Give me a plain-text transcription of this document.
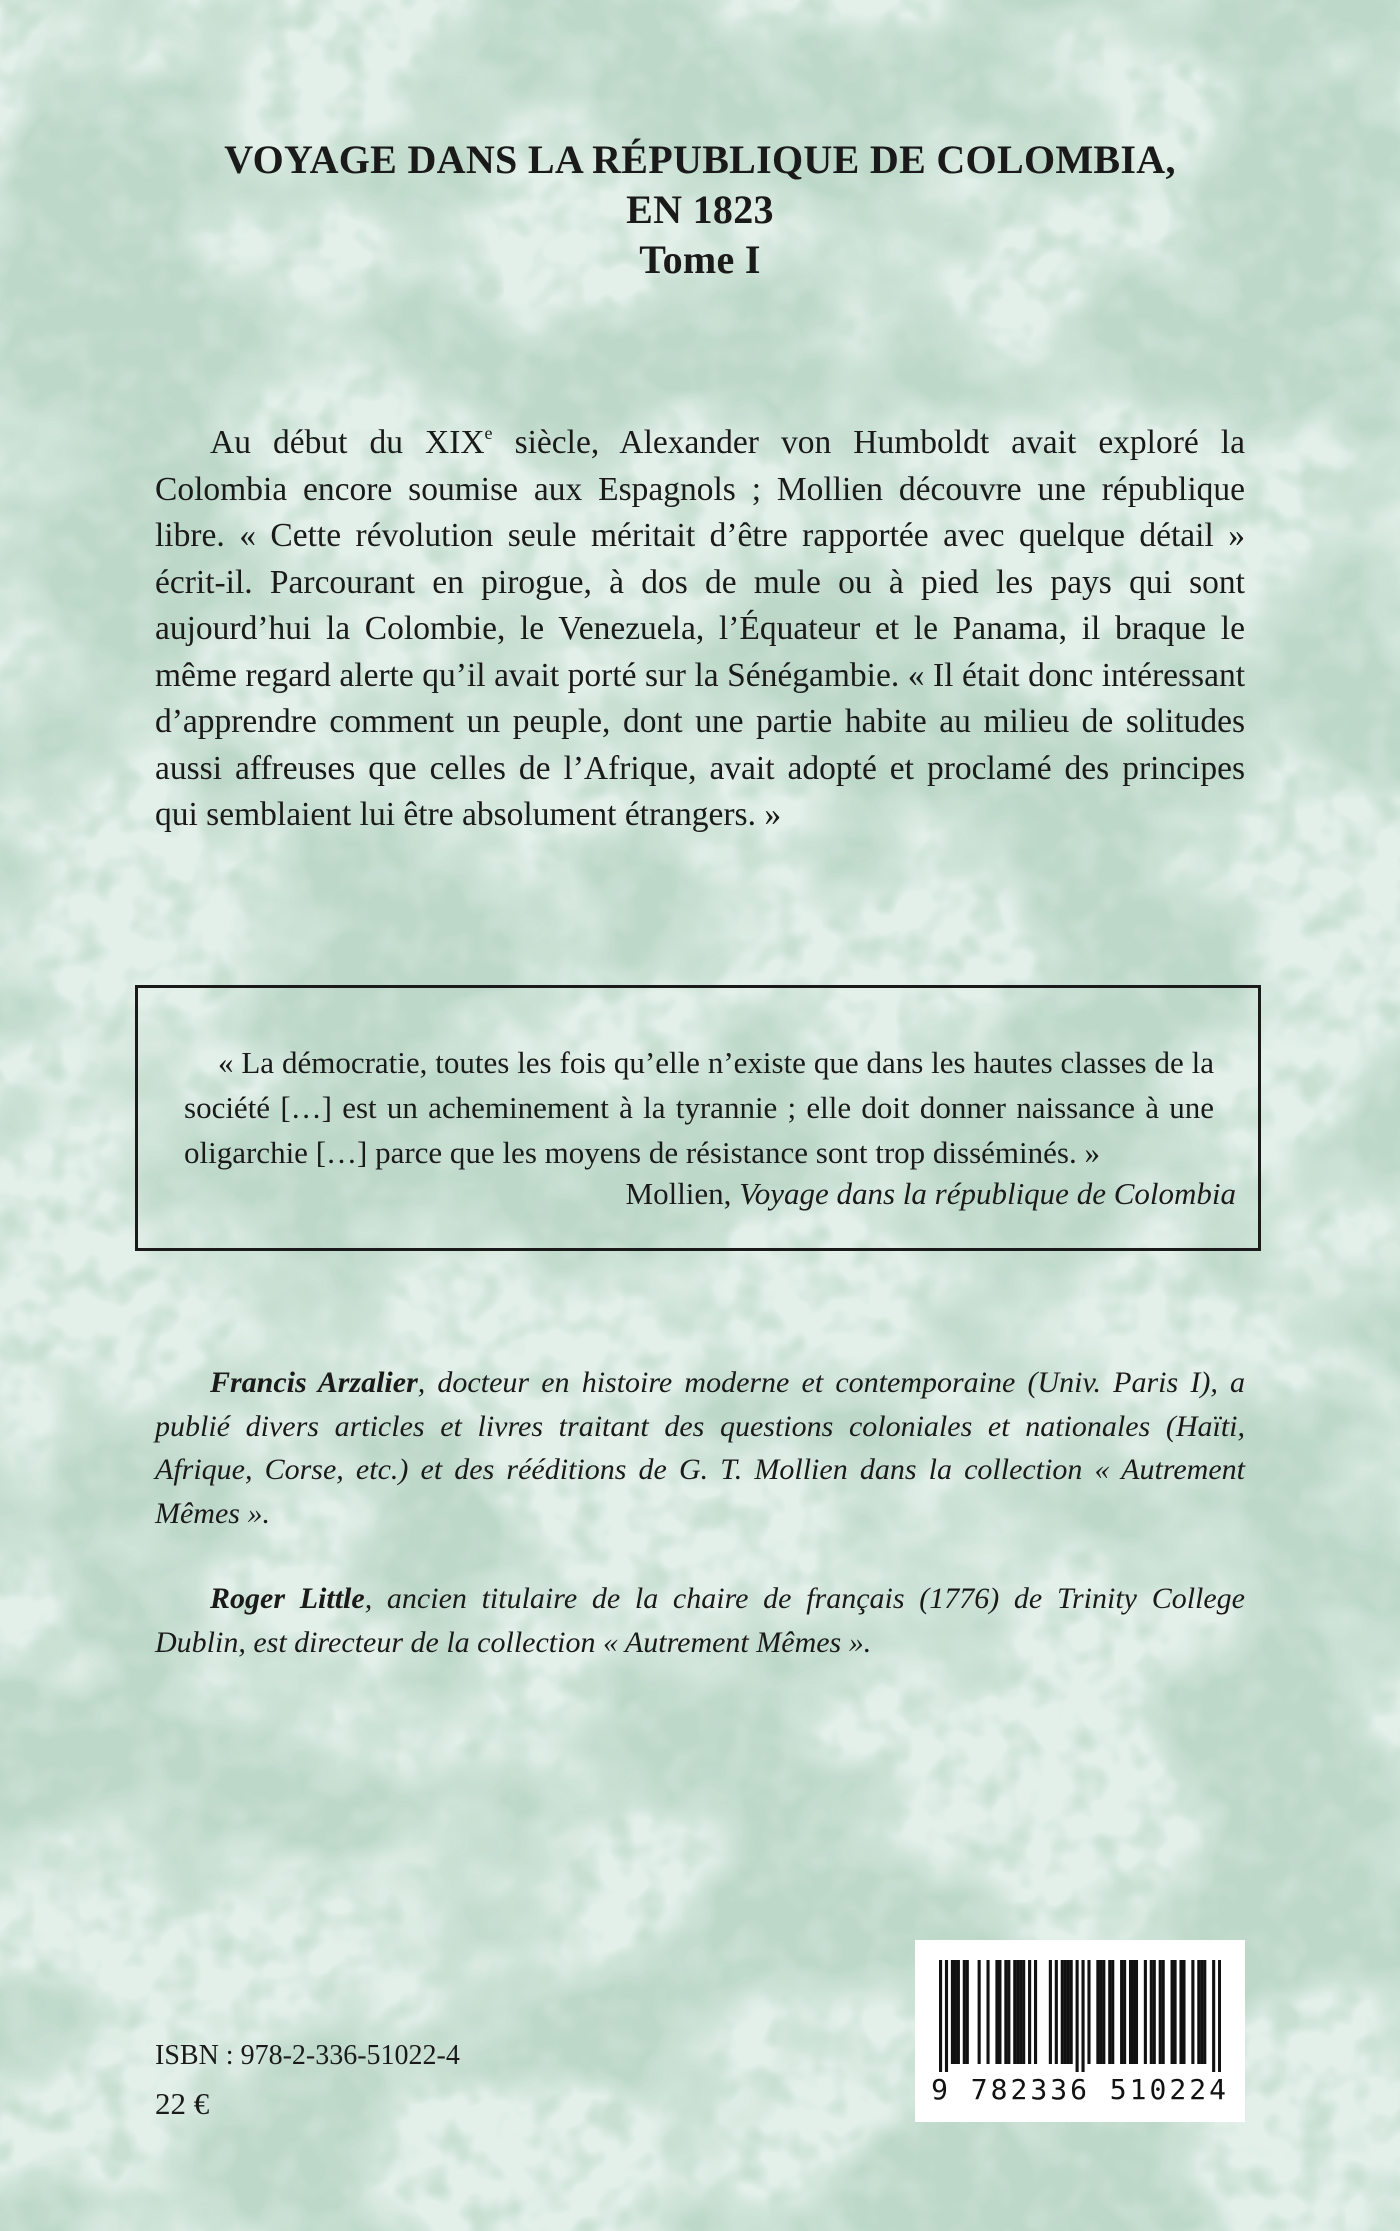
VOYAGE DANS LA RÉPUBLIQUE DE COLOMBIA,
EN 1823
Tome I

Au début du XIXe siècle, Alexander von Humboldt avait exploré la Colombia encore soumise aux Espagnols ; Mollien découvre une république libre. « Cette révolution seule méritait d’être rapportée avec quelque détail » écrit-il. Parcourant en pirogue, à dos de mule ou à pied les pays qui sont aujourd’hui la Colombie, le Venezuela, l’Équateur et le Panama, il braque le même regard alerte qu’il avait porté sur la Sénégambie. « Il était donc intéressant d’apprendre comment un peuple, dont une partie habite au milieu de solitudes aussi affreuses que celles de l’Afrique, avait adopté et proclamé des principes qui semblaient lui être absolument étrangers. »

« La démocratie, toutes les fois qu’elle n’existe que dans les hautes classes de la société […] est un acheminement à la tyrannie ; elle doit donner naissance à une oligarchie […] parce que les moyens de résistance sont trop disséminés. »

Mollien, Voyage dans la république de Colombia

Francis Arzalier, docteur en histoire moderne et contemporaine (Univ. Paris I), a publié divers articles et livres traitant des questions coloniales et nationales (Haïti, Afrique, Corse, etc.) et des rééditions de G. T. Mollien dans la collection « Autrement Mêmes ».

Roger Little, ancien titulaire de la chaire de français (1776) de Trinity College Dublin, est directeur de la collection « Autrement Mêmes ».

ISBN : 978-2-336-51022-4
22 €	9 782336 510224
